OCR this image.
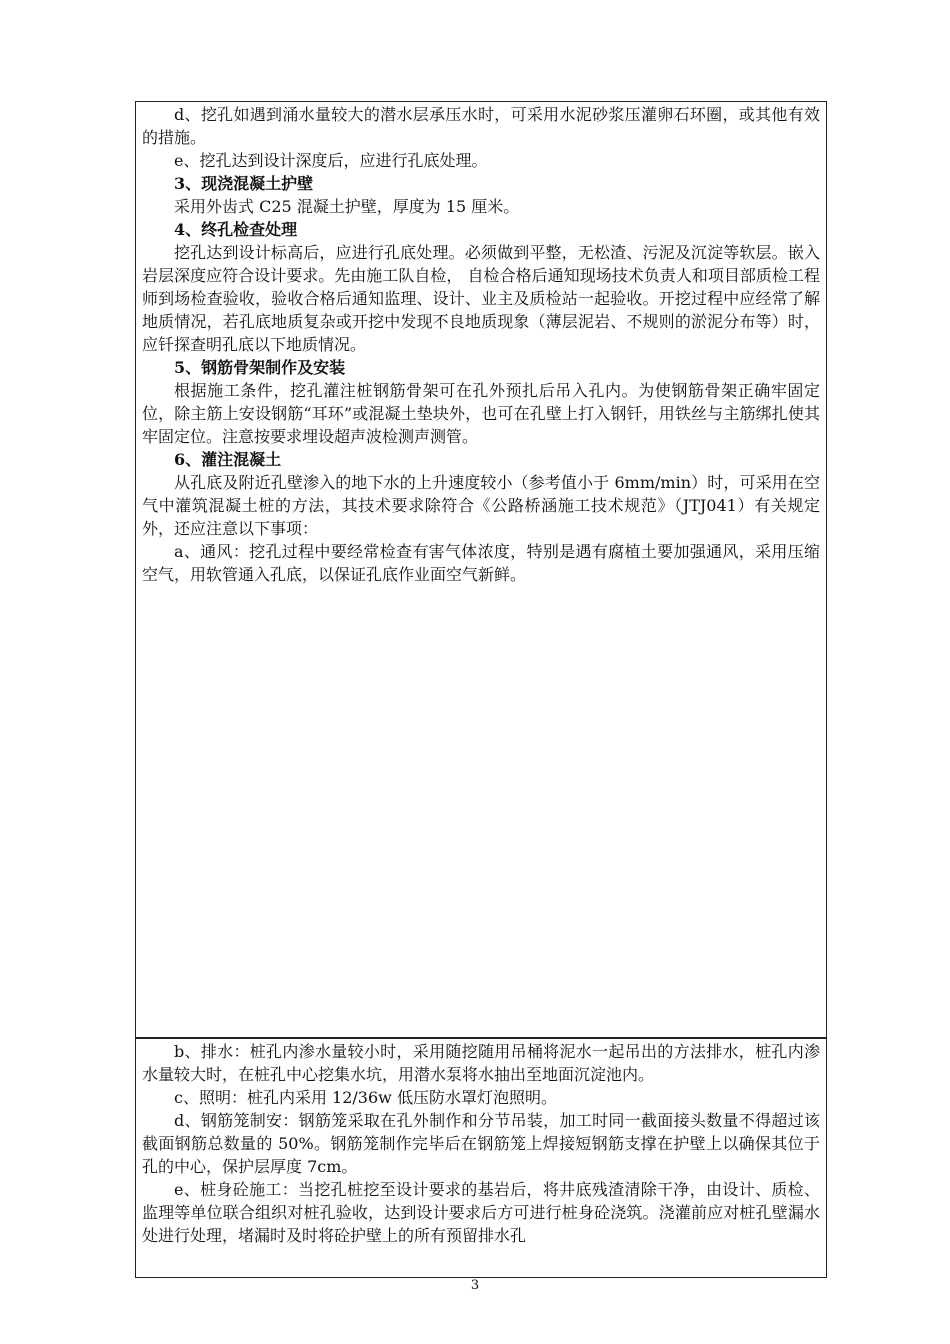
d、挖孔如遇到涌水量较大的潜水层承压水时，可采用水泥砂浆压灌卵石环圈，或其他有效的措施。

e、挖孔达到设计深度后，应进行孔底处理。

3、现浇混凝土护壁

采用外齿式 C25 混凝土护壁，厚度为 15 厘米。

4、终孔检查处理

挖孔达到设计标高后，应进行孔底处理。必须做到平整，无松渣、污泥及沉淀等软层。嵌入岩层深度应符合设计要求。先由施工队自检， 自检合格后通知现场技术负责人和项目部质检工程师到场检查验收，验收合格后通知监理、设计、业主及质检站一起验收。开挖过程中应经常了解地质情况，若孔底地质复杂或开挖中发现不良地质现象（薄层泥岩、不规则的淤泥分布等）时，应钎探查明孔底以下地质情况。

5、钢筋骨架制作及安装

根据施工条件，挖孔灌注桩钢筋骨架可在孔外预扎后吊入孔内。为使钢筋骨架正确牢固定位，除主筋上安设钢筋“耳环”或混凝土垫块外，也可在孔壁上打入钢钎，用铁丝与主筋绑扎使其牢固定位。注意按要求埋设超声波检测声测管。

6、灌注混凝土

从孔底及附近孔壁渗入的地下水的上升速度较小（参考值小于 6mm/min）时，可采用在空气中灌筑混凝土桩的方法，其技术要求除符合《公路桥涵施工技术规范》（JTJ041）有关规定外，还应注意以下事项：

a、通风：挖孔过程中要经常检查有害气体浓度，特别是遇有腐植土要加强通风，采用压缩空气，用软管通入孔底，以保证孔底作业面空气新鲜。

b、排水：桩孔内渗水量较小时，采用随挖随用吊桶将泥水一起吊出的方法排水，桩孔内渗水量较大时，在桩孔中心挖集水坑，用潜水泵将水抽出至地面沉淀池内。

c、照明：桩孔内采用 12/36w 低压防水罩灯泡照明。

d、钢筋笼制安：钢筋笼采取在孔外制作和分节吊装，加工时同一截面接头数量不得超过该截面钢筋总数量的 50%。钢筋笼制作完毕后在钢筋笼上焊接短钢筋支撑在护壁上以确保其位于孔的中心，保护层厚度 7cm。

e、桩身砼施工：当挖孔桩挖至设计要求的基岩后，将井底残渣清除干净，由设计、质检、监理等单位联合组织对桩孔验收，达到设计要求后方可进行桩身砼浇筑。浇灌前应对桩孔壁漏水处进行处理，堵漏时及时将砼护壁上的所有预留排水孔

3
